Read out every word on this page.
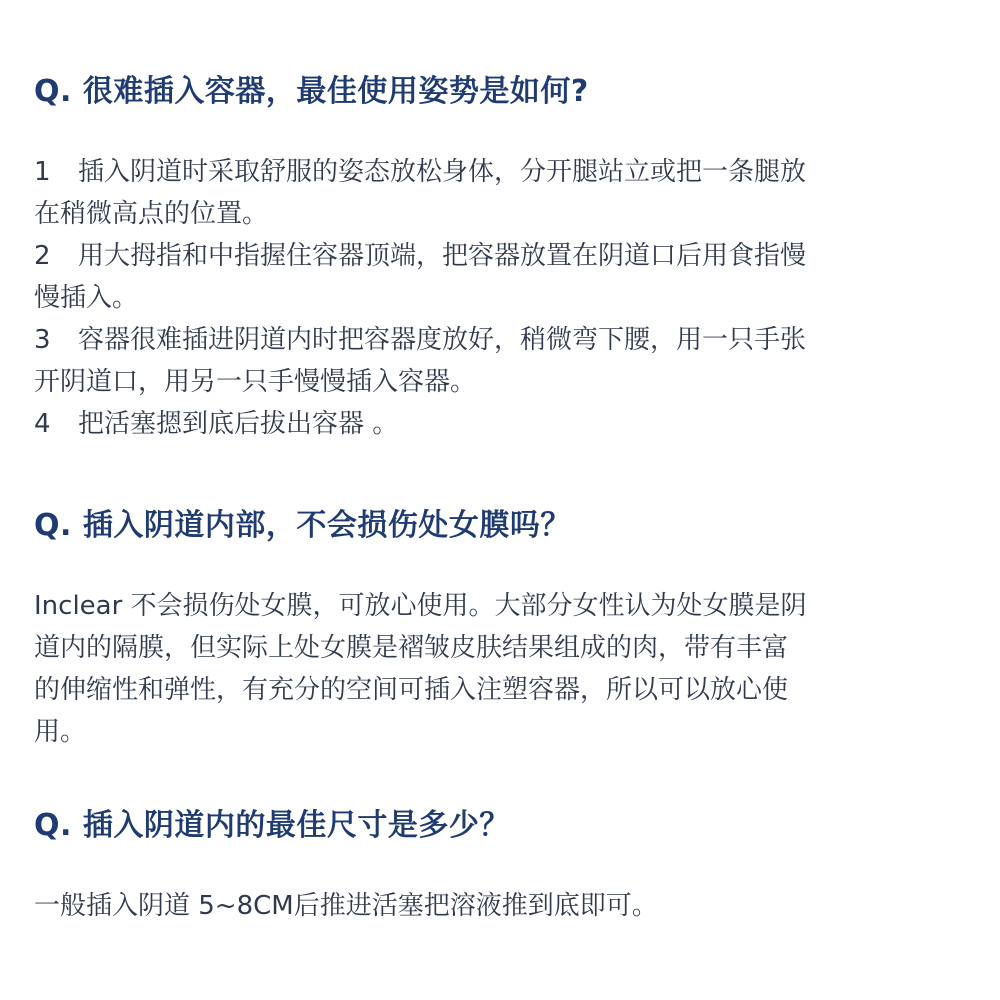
Q. 很难插入容器，最佳使用姿势是如何?
1 插入阴道时采取舒服的姿态放松身体，分开腿站立或把一条腿放
在稍微高点的位置。
2 用大拇指和中指握住容器顶端，把容器放置在阴道口后用食指慢
慢插入。
3 容器很难插进阴道内时把容器度放好，稍微弯下腰，用一只手张
开阴道口，用另一只手慢慢插入容器。
4 把活塞摁到底后拔出容器 。
Q. 插入阴道内部，不会损伤处女膜吗？
Inclear 不会损伤处女膜，可放心使用。大部分女性认为处女膜是阴
道内的隔膜，但实际上处女膜是褶皱皮肤结果组成的肉，带有丰富
的伸缩性和弹性，有充分的空间可插入注塑容器，所以可以放心使
用。
Q. 插入阴道内的最佳尺寸是多少？
一般插入阴道 5~8CM后推进活塞把溶液推到底即可。
